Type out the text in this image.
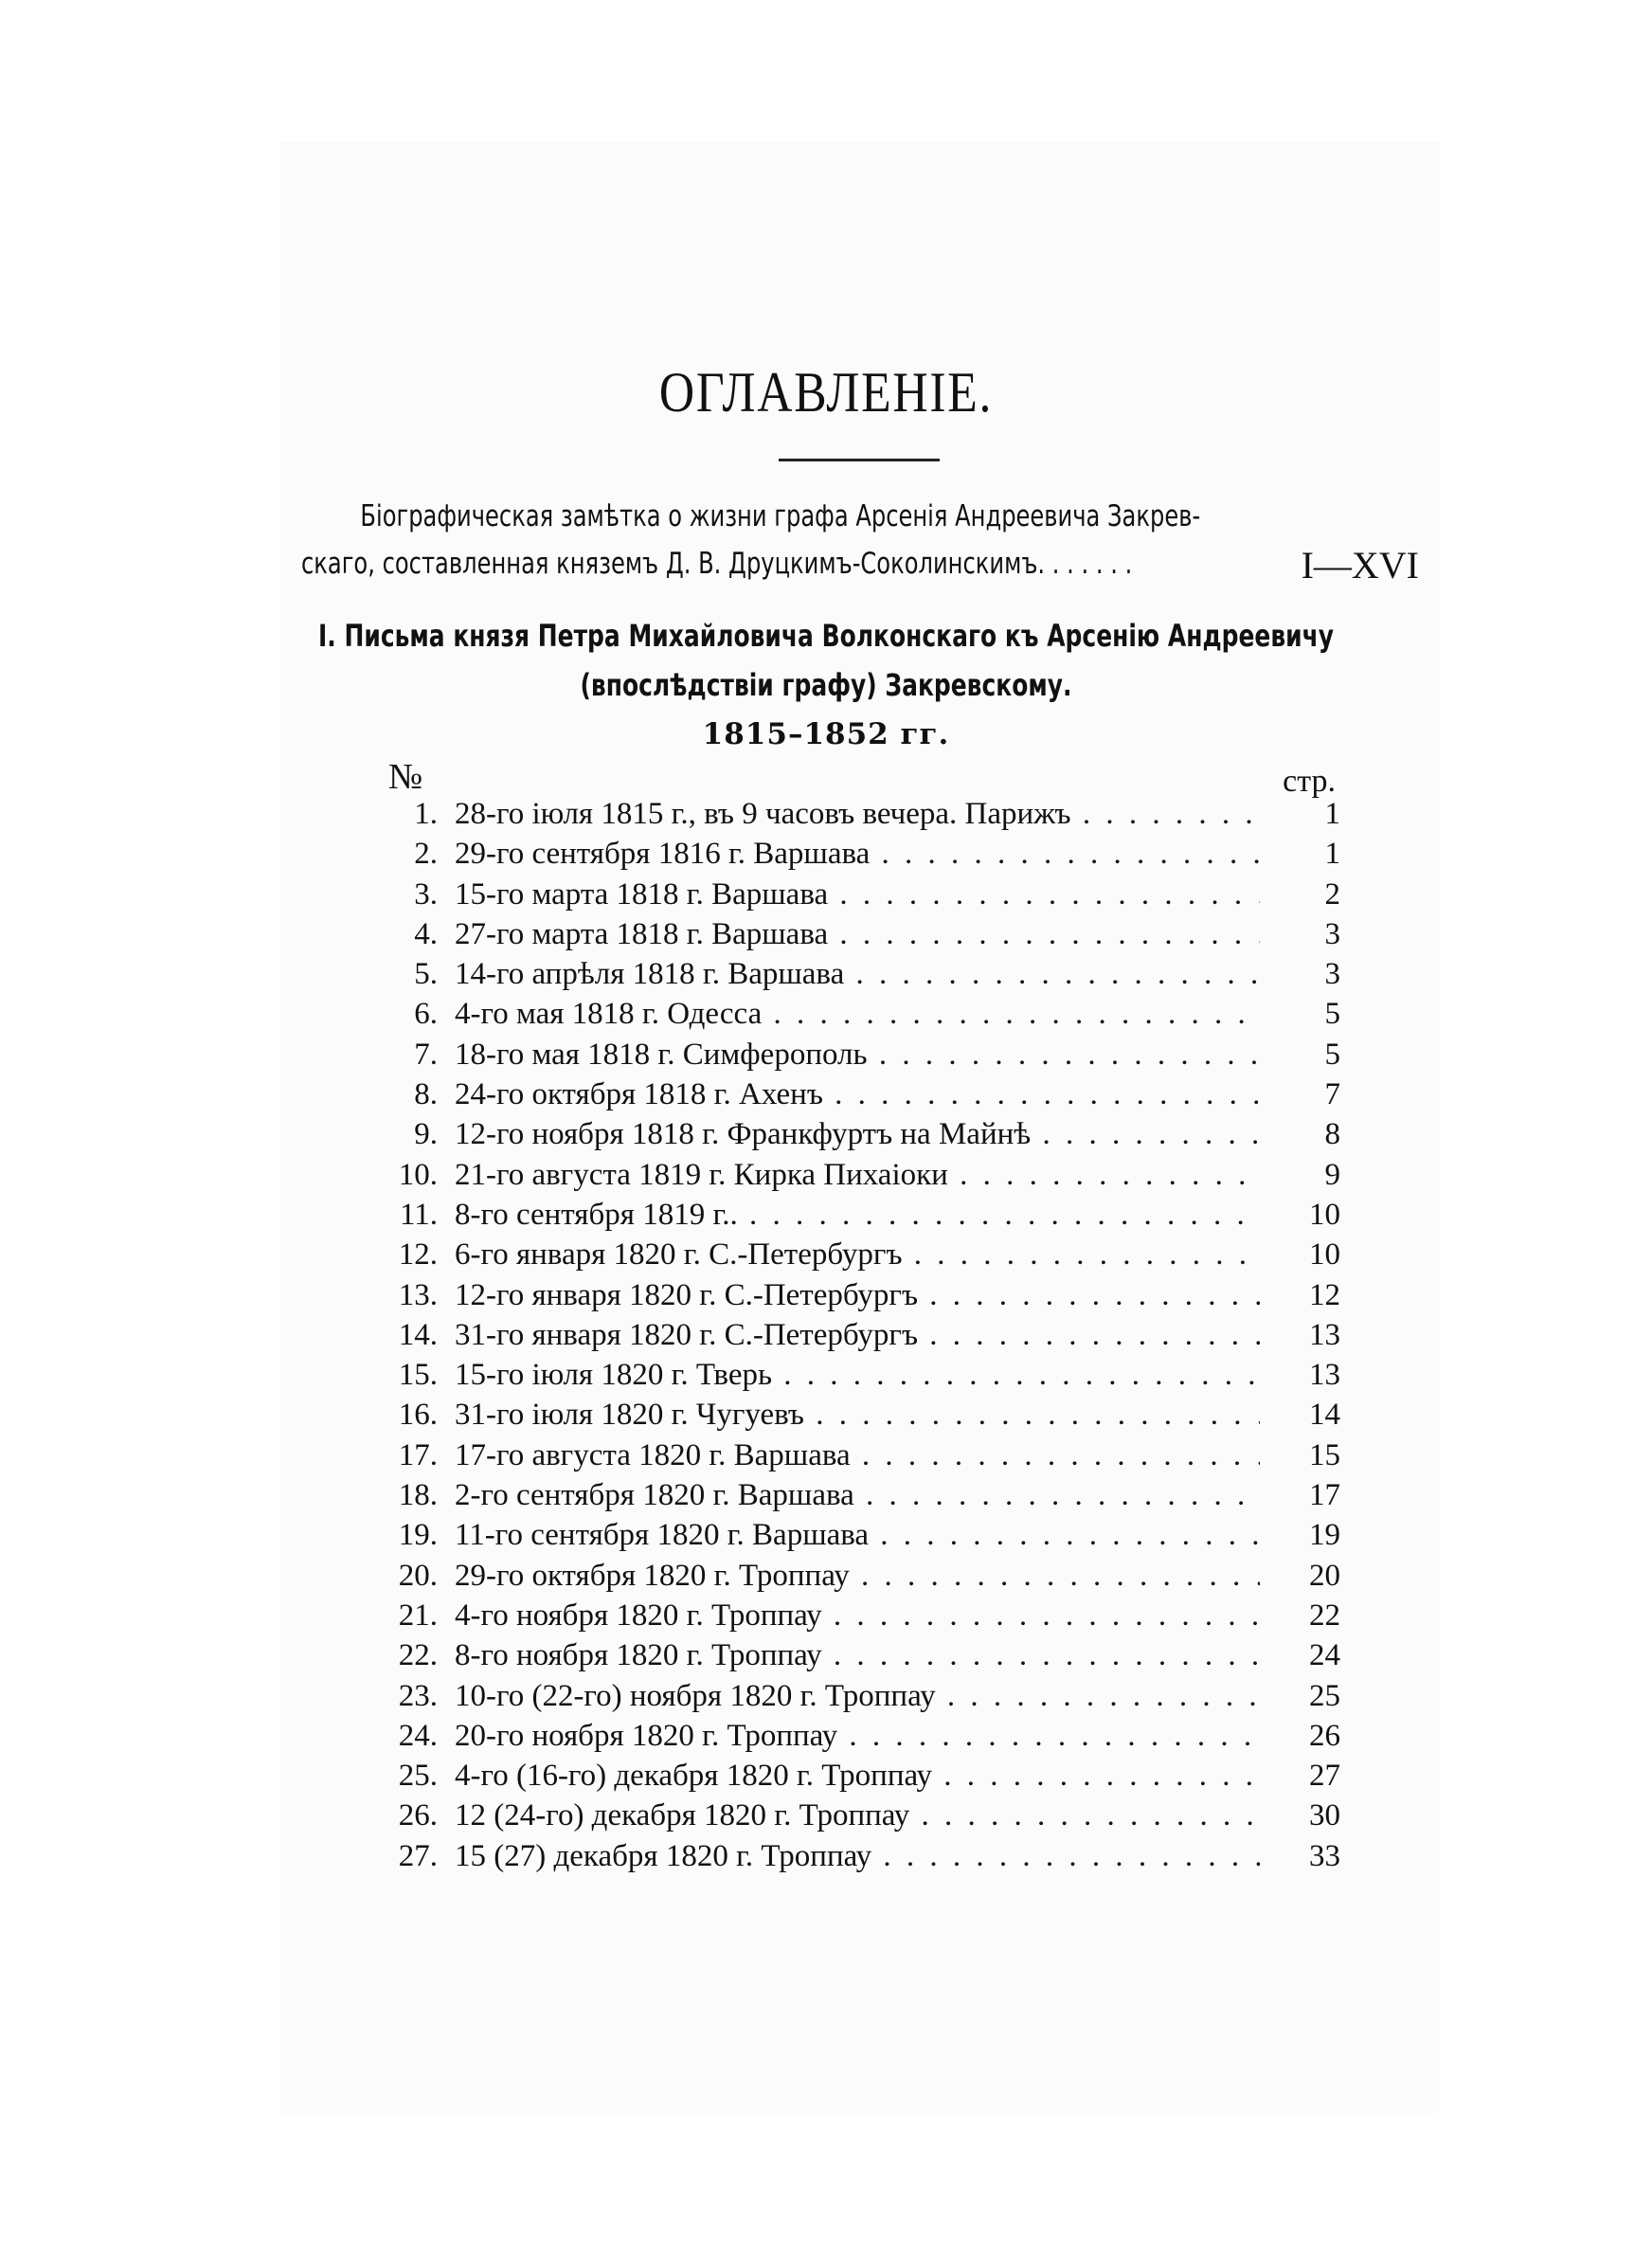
ОГЛАВЛЕНІЕ.
Біографическая замѣтка о жизни графа Арсенія Андреевича Закрев-
скаго, составленная княземъ Д. В. Друцкимъ-Соколинскимъ. . . . . . .	I—XVI
I. Письма князя Петра Михайловича Волконскаго къ Арсенію Андреевичу
(впослѣдствіи графу) Закревскому.
1815–1852 гг.
№	стр.
1. 28-го іюля 1815 г., въ 9 часовъ вечера. Парижъ . . .	1
2. 29-го сентября 1816 г. Варшава . . .	1
3. 15-го марта 1818 г. Варшава . . .	2
4. 27-го марта 1818 г. Варшава . . .	3
5. 14-го апрѣля 1818 г. Варшава . . .	3
6. 4-го мая 1818 г. Одесса . . .	5
7. 18-го мая 1818 г. Симферополь . . .	5
8. 24-го октября 1818 г. Ахенъ . . .	7
9. 12-го ноября 1818 г. Франкфуртъ на Майнѣ . . .	8
10. 21-го августа 1819 г. Кирка Пихаіоки . . .	9
11. 8-го сентября 1819 г.. . . .	10
12. 6-го января 1820 г. С.-Петербургъ . . .	10
13. 12-го января 1820 г. С.-Петербургъ . . .	12
14. 31-го января 1820 г. С.-Петербургъ . . .	13
15. 15-го іюля 1820 г. Тверь . . .	13
16. 31-го іюля 1820 г. Чугуевъ . . .	14
17. 17-го августа 1820 г. Варшава . . .	15
18. 2-го сентября 1820 г. Варшава . . .	17
19. 11-го сентября 1820 г. Варшава . . .	19
20. 29-го октября 1820 г. Троппау . . .	20
21. 4-го ноября 1820 г. Троппау . . .	22
22. 8-го ноября 1820 г. Троппау . . .	24
23. 10-го (22-го) ноября 1820 г. Троппау . . .	25
24. 20-го ноября 1820 г. Троппау . . .	26
25. 4-го (16-го) декабря 1820 г. Троппау . . .	27
26. 12 (24-го) декабря 1820 г. Троппау . . .	30
27. 15 (27) декабря 1820 г. Троппау . . .	33
